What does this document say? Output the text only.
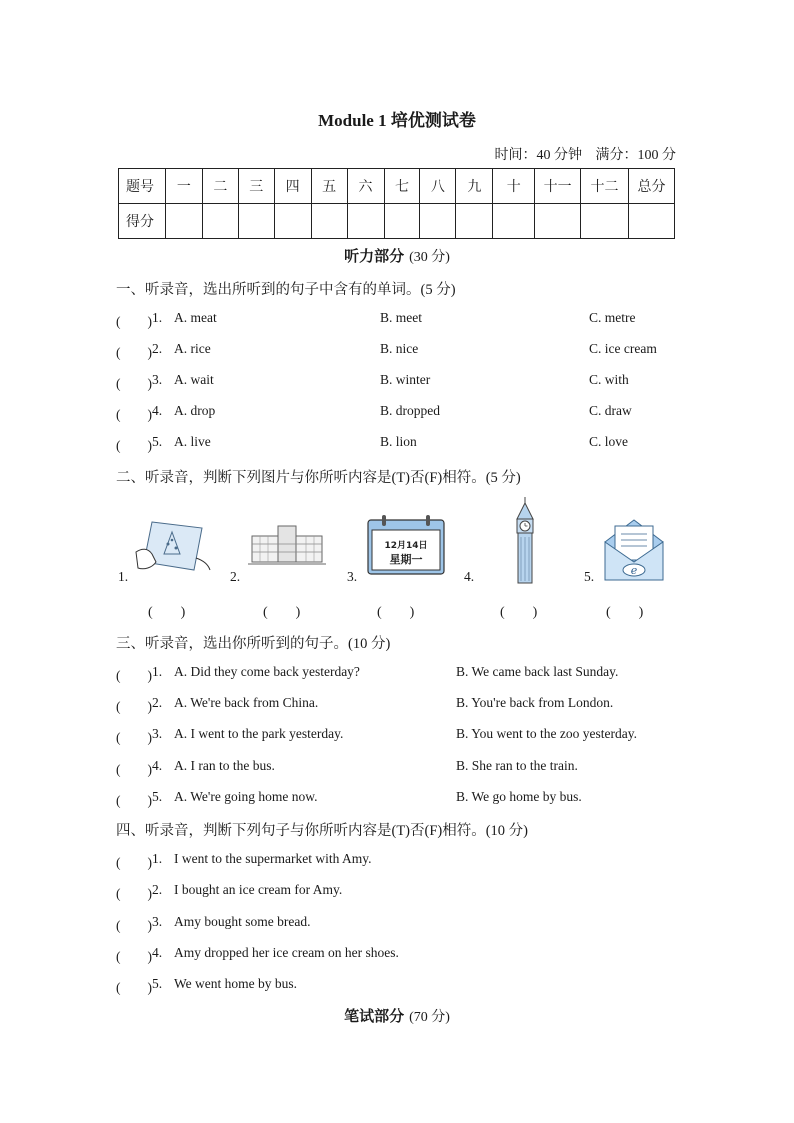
Module 1 培优测试卷
时间：40 分钟 满分：100 分
题号	一	二	三	四	五	六	七	八	九	十	十一	十二	总分
得分													
听力部分 (30 分)
一、听录音，选出所听到的句子中含有的单词。(5 分)
(　　) 1. A. meat	B. meet	C. metre
(　　) 2. A. rice	B. nice	C. ice cream
(　　) 3. A. wait	B. winter	C. with
(　　) 4. A. drop	B. dropped	C. draw
(　　) 5. A. live	B. lion	C. love
二、听录音，判断下列图片与你所听内容是(T)否(F)相符。(5 分)
1.
(　　)
2.
(　　)
3.
12月14日
星期一
(　　)
4.
(　　)
5.	e
(　　)
三、听录音，选出你所听到的句子。(10 分)
(　　) 1. A. Did they come back yesterday?	B. We came back last Sunday.
(　　) 2. A. We're back from China.	B. You're back from London.
(　　) 3. A. I went to the park yesterday.	B. You went to the zoo yesterday.
(　　) 4. A. I ran to the bus.	B. She ran to the train.
(　　) 5. A. We're going home now.	B. We go home by bus.
四、听录音，判断下列句子与你所听内容是(T)否(F)相符。(10 分)
(　　) 1. I went to the supermarket with Amy.
(　　) 2. I bought an ice cream for Amy.
(　　) 3. Amy bought some bread.
(　　) 4. Amy dropped her ice cream on her shoes.
(　　) 5. We went home by bus.
笔试部分 (70 分)
